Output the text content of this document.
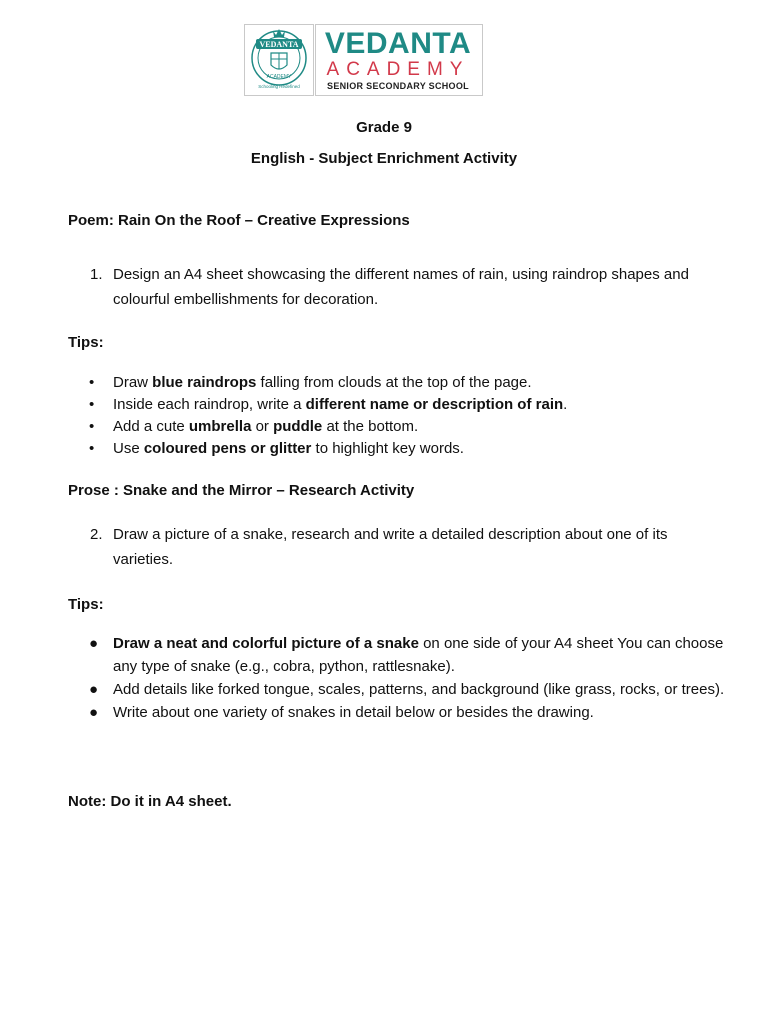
VEDANTA
ACADEMY
Schooling Redefined
VEDANTA
ACADEMY
SENIOR SECONDARY SCHOOL
Grade 9
English - Subject Enrichment Activity
Poem: Rain On the Roof – Creative Expressions
1. Design an A4 sheet showcasing the different names of rain, using raindrop shapes and colourful embellishments for decoration.
Tips:
• Draw blue raindrops falling from clouds at the top of the page.
• Inside each raindrop, write a different name or description of rain.
• Add a cute umbrella or puddle at the bottom.
• Use coloured pens or glitter to highlight key words.
Prose : Snake and the Mirror – Research Activity
2. Draw a picture of a snake, research and write a detailed description about one of its varieties.
Tips:
● Draw a neat and colorful picture of a snake on one side of your A4 sheet You can choose any type of snake (e.g., cobra, python, rattlesnake).
● Add details like forked tongue, scales, patterns, and background (like grass, rocks, or trees).
● Write about one variety of snakes in detail below or besides the drawing.
Note: Do it in A4 sheet.
